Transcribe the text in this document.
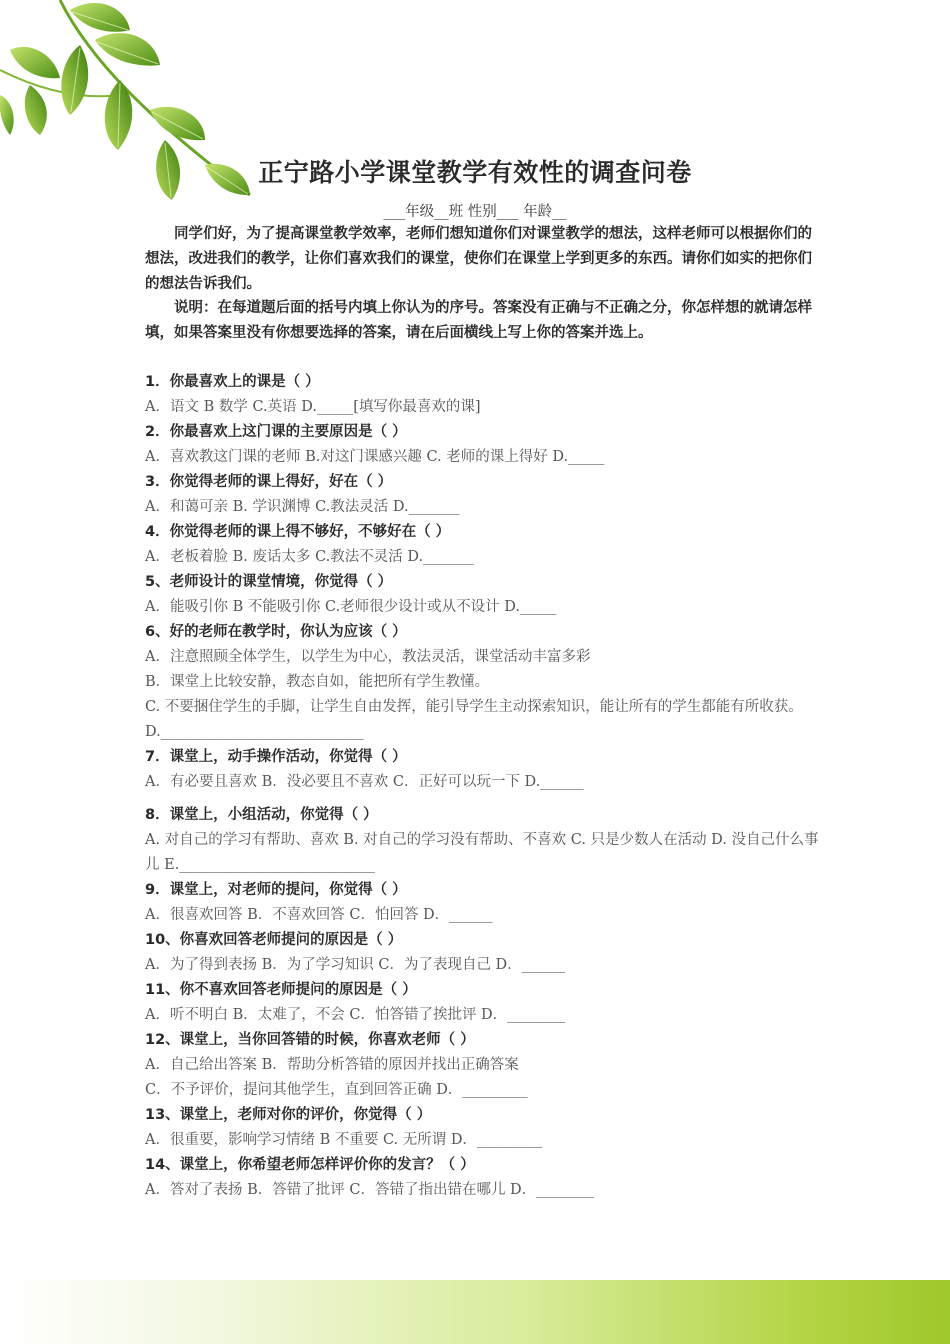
正宁路小学课堂教学有效性的调查问卷
___年级__班 性别___ 年龄__

同学们好，为了提高课堂教学效率，老师们想知道你们对课堂教学的想法，这样老师可以根据你们的想法，改进我们的教学，让你们喜欢我们的课堂，使你们在课堂上学到更多的东西。请你们如实的把你们的想法告诉我们。

说明：在每道题后面的括号内填上你认为的序号。答案没有正确与不正确之分，你怎样想的就请怎样填，如果答案里没有你想要选择的答案，请在后面横线上写上你的答案并选上。

1．你最喜欢上的课是（ ）

A．语文 B 数学 C.英语 D._____[填写你最喜欢的课]

2．你最喜欢上这门课的主要原因是（ ）

A．喜欢教这门课的老师 B.对这门课感兴趣 C. 老师的课上得好 D._____

3．你觉得老师的课上得好，好在（ ）

A．和蔼可亲 B. 学识渊博 C.教法灵活 D._______

4．你觉得老师的课上得不够好，不够好在（ ）

A．老板着脸 B. 废话太多 C.教法不灵活 D._______

5、老师设计的课堂情境，你觉得（ ）

A．能吸引你 B 不能吸引你 C.老师很少设计或从不设计 D._____

6、好的老师在教学时，你认为应该（ ）

A．注意照顾全体学生，以学生为中心，教法灵活，课堂活动丰富多彩

B．课堂上比较安静，教态自如，能把所有学生教懂。

C. 不要捆住学生的手脚，让学生自由发挥，能引导学生主动探索知识，能让所有的学生都能有所收获。D.____________________________

7．课堂上，动手操作活动，你觉得（ ）

A．有必要且喜欢 B．没必要且不喜欢 C．正好可以玩一下 D.______

8．课堂上，小组活动，你觉得（ ）

A. 对自己的学习有帮助、喜欢 B. 对自己的学习没有帮助、不喜欢 C. 只是少数人在活动 D. 没自己什么事儿 E.___________________________

9．课堂上，对老师的提问，你觉得（ ）

A．很喜欢回答 B．不喜欢回答 C．怕回答 D．______

10、你喜欢回答老师提问的原因是（ ）

A．为了得到表扬 B．为了学习知识 C．为了表现自己 D．______

11、你不喜欢回答老师提问的原因是（ ）

A．听不明白 B．太难了，不会 C．怕答错了挨批评 D．________

12、课堂上，当你回答错的时候，你喜欢老师（ ）

A．自己给出答案 B．帮助分析答错的原因并找出正确答案

C．不予评价，提问其他学生，直到回答正确 D．_________

13、课堂上，老师对你的评价，你觉得（ ）

A．很重要，影响学习情绪 B 不重要 C. 无所谓 D．_________

14、课堂上，你希望老师怎样评价你的发言？（ ）

A．答对了表扬 B．答错了批评 C．答错了指出错在哪儿 D．________
